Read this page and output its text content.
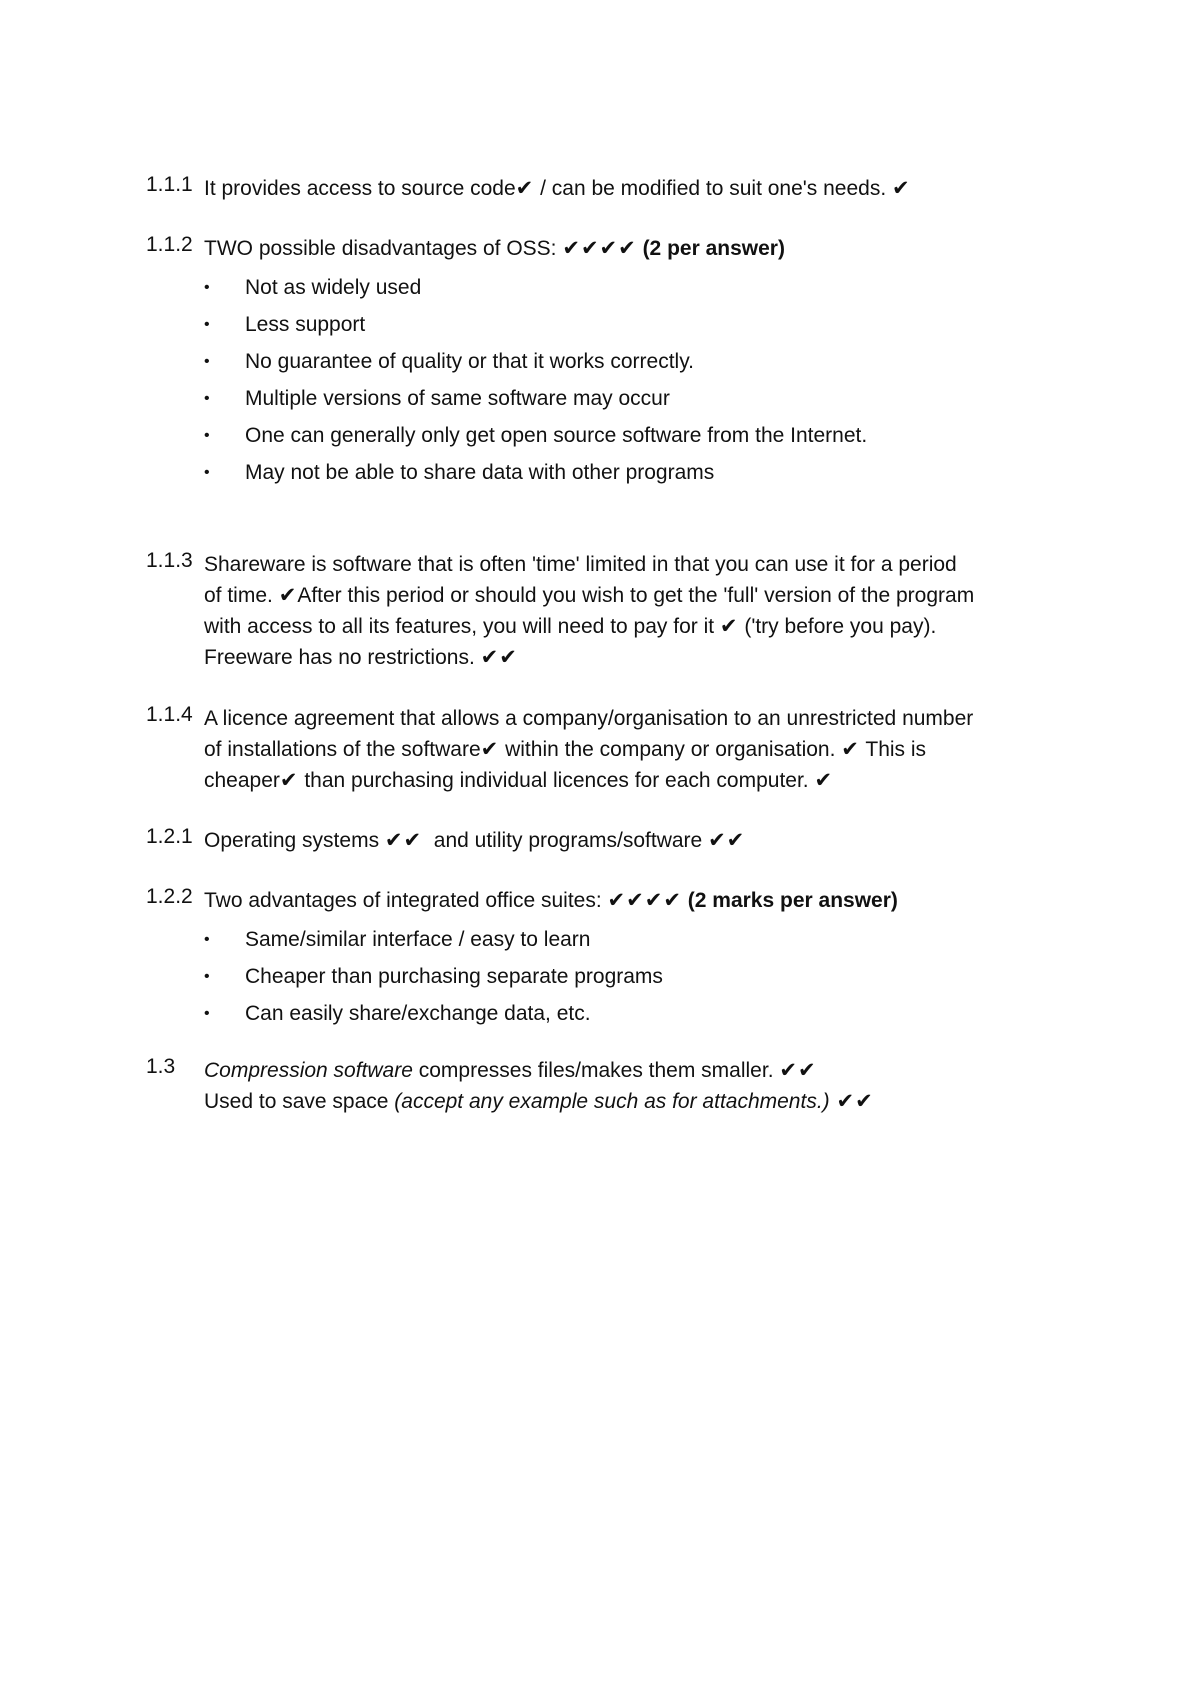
1.1.1 It provides access to source code✔ / can be modified to suit one's needs. ✔
1.1.2 TWO possible disadvantages of OSS: ✔✔✔✔ (2 per answer)
• Not as widely used
• Less support
• No guarantee of quality or that it works correctly.
• Multiple versions of same software may occur
• One can generally only get open source software from the Internet.
• May not be able to share data with other programs
1.1.3 Shareware is software that is often 'time' limited in that you can use it for a period
of time. ✔After this period or should you wish to get the 'full' version of the program
with access to all its features, you will need to pay for it ✔ ('try before you pay).
Freeware has no restrictions. ✔✔
1.1.4 A licence agreement that allows a company/organisation to an unrestricted number
of installations of the software✔ within the company or organisation. ✔ This is
cheaper✔ than purchasing individual licences for each computer. ✔
1.2.1 Operating systems ✔✔  and utility programs/software ✔✔
1.2.2 Two advantages of integrated office suites: ✔✔✔✔ (2 marks per answer)
• Same/similar interface / easy to learn
• Cheaper than purchasing separate programs
• Can easily share/exchange data, etc.
1.3	Compression software compresses files/makes them smaller. ✔✔
Used to save space (accept any example such as for attachments.) ✔✔
